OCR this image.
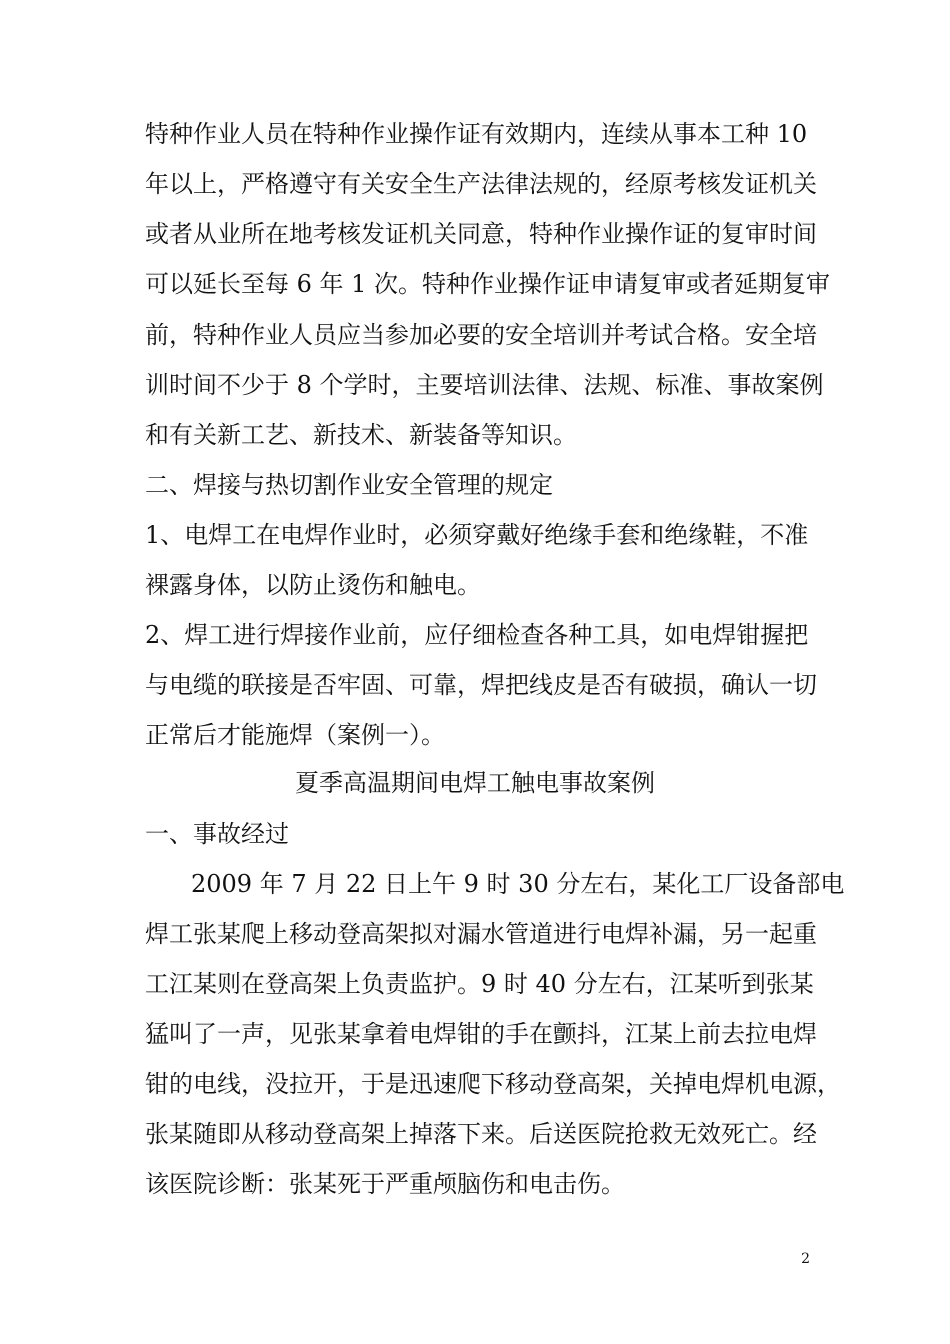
特种作业人员在特种作业操作证有效期内，连续从事本工种 10
年以上，严格遵守有关安全生产法律法规的，经原考核发证机关
或者从业所在地考核发证机关同意，特种作业操作证的复审时间
可以延长至每 6 年 1 次。特种作业操作证申请复审或者延期复审
前，特种作业人员应当参加必要的安全培训并考试合格。安全培
训时间不少于 8 个学时，主要培训法律、法规、标准、事故案例
和有关新工艺、新技术、新装备等知识。
二、焊接与热切割作业安全管理的规定
1、电焊工在电焊作业时，必须穿戴好绝缘手套和绝缘鞋，不准
裸露身体，以防止烫伤和触电。
2、焊工进行焊接作业前，应仔细检查各种工具，如电焊钳握把
与电缆的联接是否牢固、可靠，焊把线皮是否有破损，确认一切
正常后才能施焊（案例一）。
夏季高温期间电焊工触电事故案例
一、事故经过
2009 年 7 月 22 日上午 9 时 30 分左右，某化工厂设备部电
焊工张某爬上移动登高架拟对漏水管道进行电焊补漏，另一起重
工江某则在登高架上负责监护。9 时 40 分左右，江某听到张某
猛叫了一声，见张某拿着电焊钳的手在颤抖，江某上前去拉电焊
钳的电线，没拉开，于是迅速爬下移动登高架，关掉电焊机电源，
张某随即从移动登高架上掉落下来。后送医院抢救无效死亡。经
该医院诊断：张某死于严重颅脑伤和电击伤。
2
